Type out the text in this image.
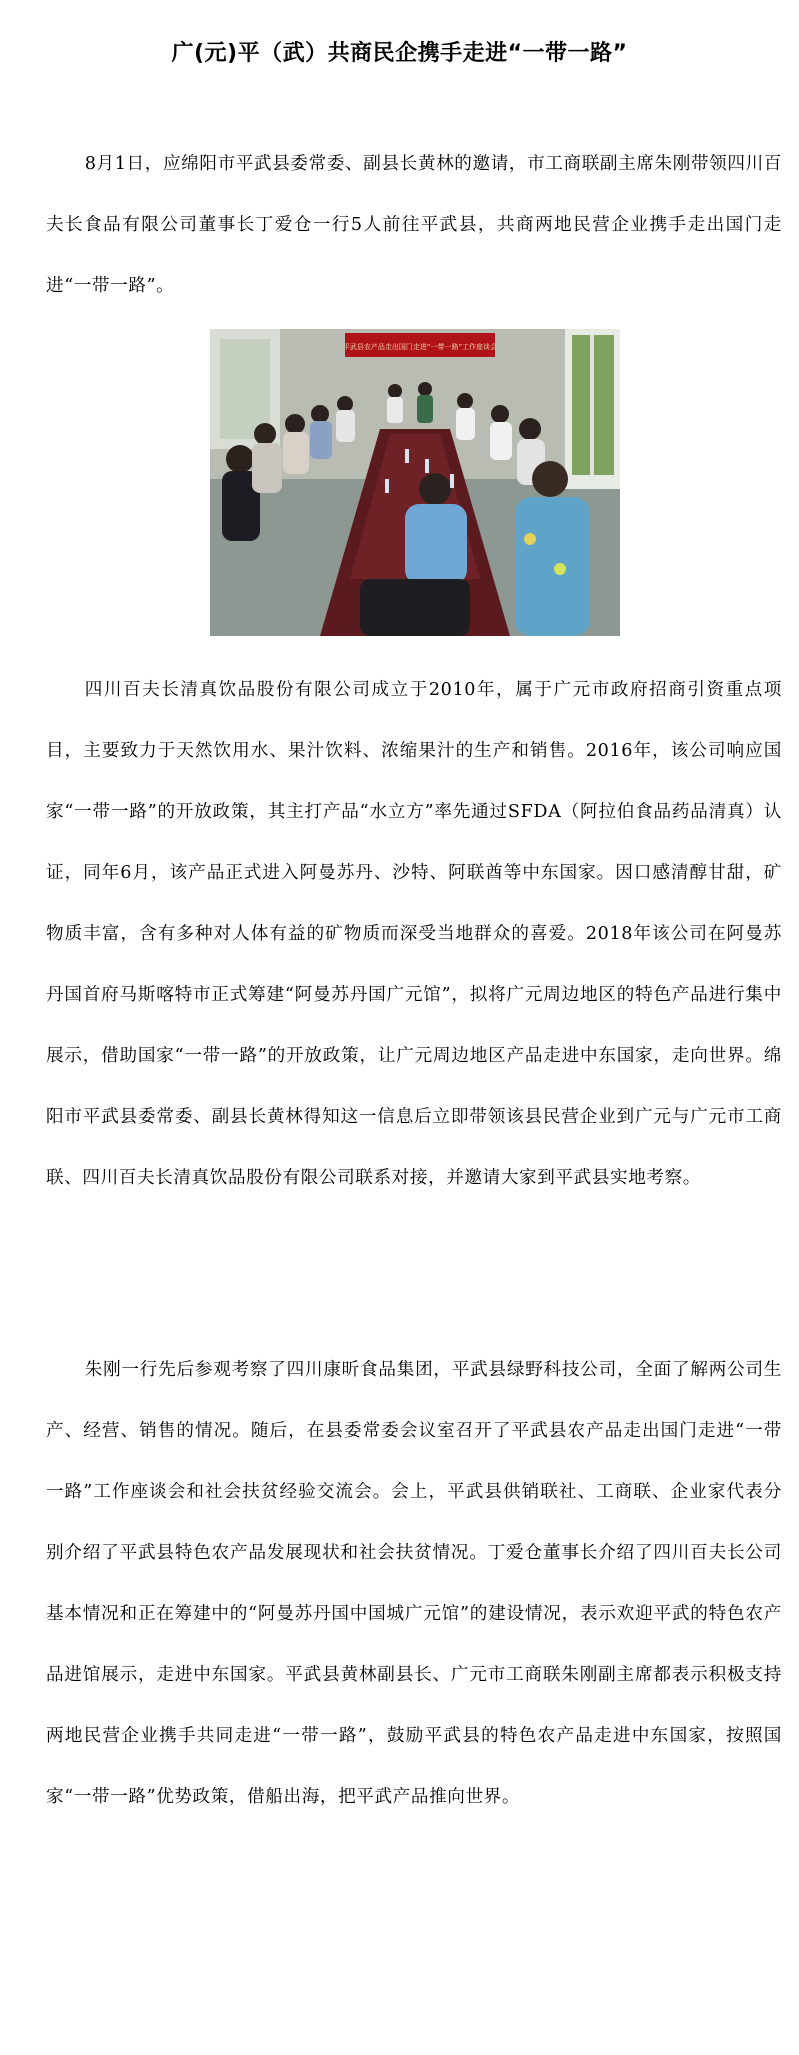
广(元)平（武）共商民企携手走进“一带一路”

8月1日，应绵阳市平武县委常委、副县长黄林的邀请，市工商联副主席朱刚带领四川百夫长食品有限公司董事长丁爱仓一行5人前往平武县，共商两地民营企业携手走出国门走进“一带一路”。

平武县农产品走出国门走进“一带一路”工作座谈会

四川百夫长清真饮品股份有限公司成立于2010年，属于广元市政府招商引资重点项目，主要致力于天然饮用水、果汁饮料、浓缩果汁的生产和销售。2016年，该公司响应国家“一带一路”的开放政策，其主打产品“水立方”率先通过SFDA（阿拉伯食品药品清真）认证，同年6月，该产品正式进入阿曼苏丹、沙特、阿联酋等中东国家。因口感清醇甘甜，矿物质丰富，含有多种对人体有益的矿物质而深受当地群众的喜爱。2018年该公司在阿曼苏丹国首府马斯喀特市正式筹建“阿曼苏丹国广元馆”，拟将广元周边地区的特色产品进行集中展示，借助国家“一带一路”的开放政策，让广元周边地区产品走进中东国家，走向世界。绵阳市平武县委常委、副县长黄林得知这一信息后立即带领该县民营企业到广元与广元市工商联、四川百夫长清真饮品股份有限公司联系对接，并邀请大家到平武县实地考察。

朱刚一行先后参观考察了四川康昕食品集团，平武县绿野科技公司，全面了解两公司生产、经营、销售的情况。随后，在县委常委会议室召开了平武县农产品走出国门走进“一带一路”工作座谈会和社会扶贫经验交流会。会上，平武县供销联社、工商联、企业家代表分别介绍了平武县特色农产品发展现状和社会扶贫情况。丁爱仓董事长介绍了四川百夫长公司基本情况和正在筹建中的“阿曼苏丹国中国城广元馆”的建设情况，表示欢迎平武的特色农产品进馆展示，走进中东国家。平武县黄林副县长、广元市工商联朱刚副主席都表示积极支持两地民营企业携手共同走进“一带一路”，鼓励平武县的特色农产品走进中东国家，按照国家“一带一路”优势政策，借船出海，把平武产品推向世界。
